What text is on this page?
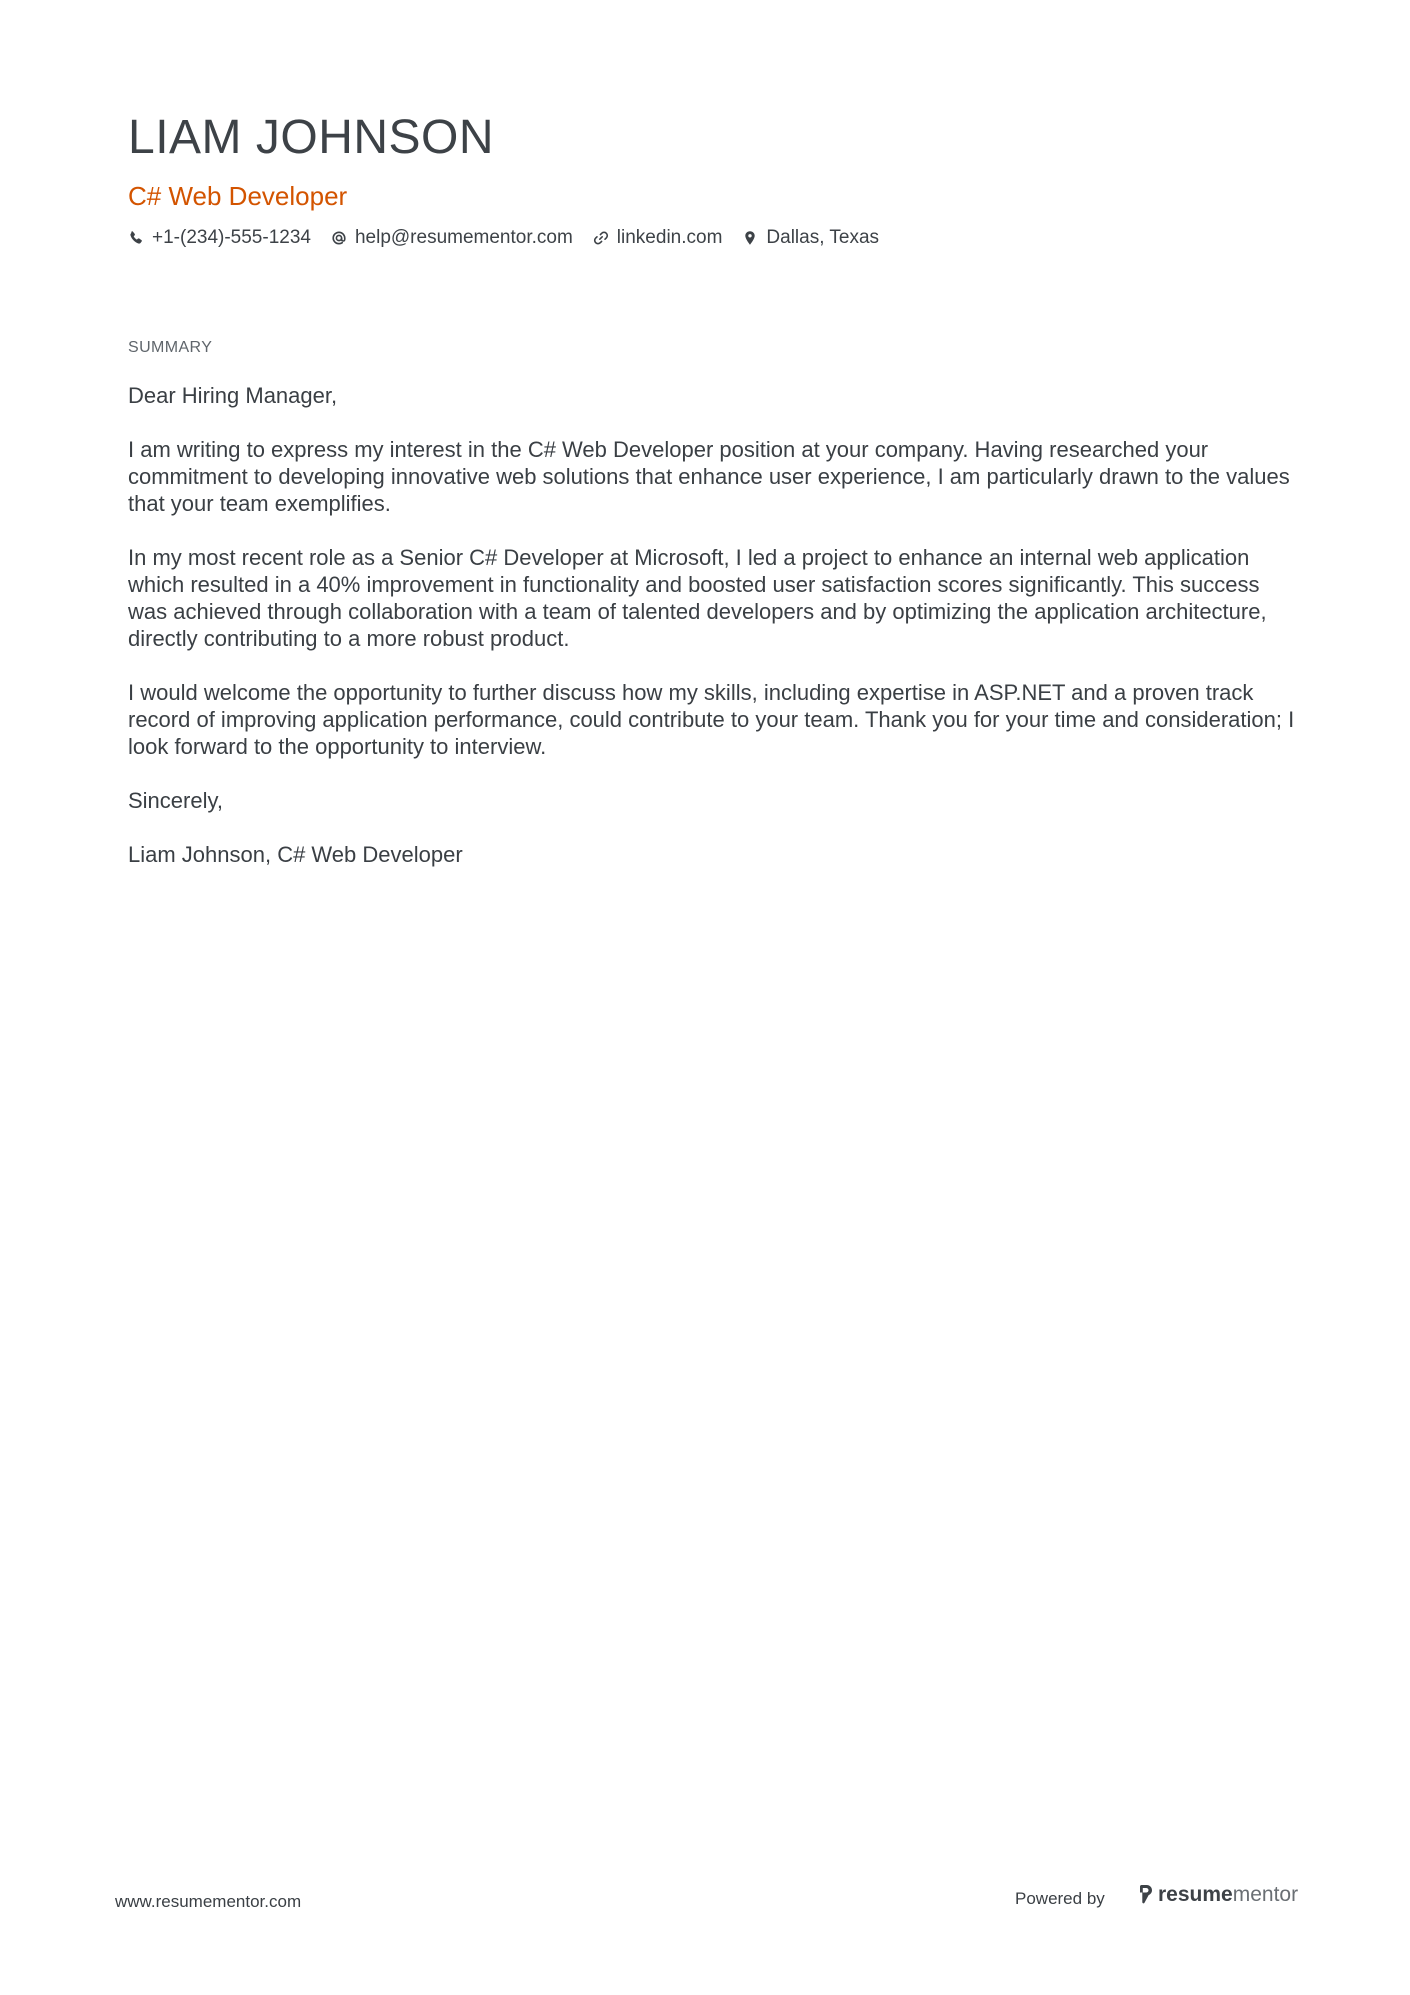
LIAM JOHNSON
C# Web Developer
+1-(234)-555-1234 help@resumementor.com linkedin.com Dallas, Texas
SUMMARY

Dear Hiring Manager,

I am writing to express my interest in the C# Web Developer position at your company. Having researched your commitment to developing innovative web solutions that enhance user experience, I am particularly drawn to the values that your team exemplifies.

In my most recent role as a Senior C# Developer at Microsoft, I led a project to enhance an internal web application which resulted in a 40% improvement in functionality and boosted user satisfaction scores significantly. This success was achieved through collaboration with a team of talented developers and by optimizing the application architecture, directly contributing to a more robust product.

I would welcome the opportunity to further discuss how my skills, including expertise in ASP.NET and a proven track record of improving application performance, could contribute to your team. Thank you for your time and consideration; I look forward to the opportunity to interview.

Sincerely,

Liam Johnson, C# Web Developer

www.resumementor.com	Powered by	resume mentor
